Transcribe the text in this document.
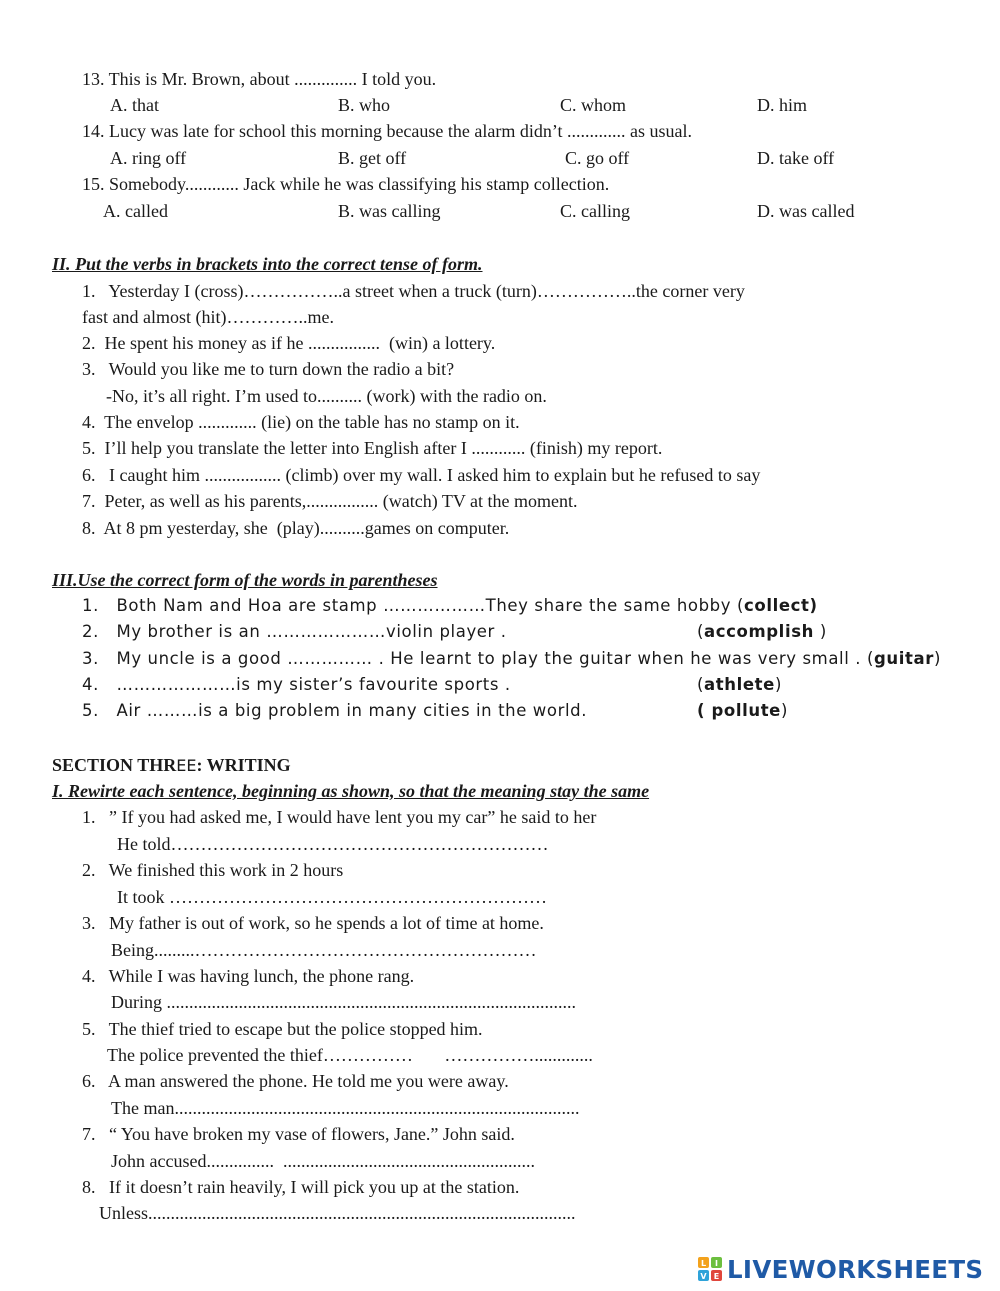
13. This is Mr. Brown, about .............. I told you.
A. that	B. who	C. whom	D. him
14. Lucy was late for school this morning because the alarm didn’t ............. as usual.
A. ring off	B. get off	C. go off	D. take off
15. Somebody............ Jack while he was classifying his stamp collection.
A. called	B. was calling	C. calling	D. was called
II. Put the verbs in brackets into the correct tense of form.
1.   Yesterday I (cross)……………..a street when a truck (turn)……………..the corner very
fast and almost (hit)…………..me.
2.  He spent his money as if he ................  (win) a lottery.
3.   Would you like me to turn down the radio a bit?
-No, it’s all right. I’m used to.......... (work) with the radio on.
4.  The envelop ............. (lie) on the table has no stamp on it.
5.  I’ll help you translate the letter into English after I ............ (finish) my report.
6.   I caught him ................. (climb) over my wall. I asked him to explain but he refused to say
7.  Peter, as well as his parents,................ (watch) TV at the moment.
8.  At 8 pm yesterday, she  (play)..........games on computer.
III.Use the correct form of the words in parentheses
1.   Both Nam and Hoa are stamp ………………They share the same hobby (collect)
2.   My brother is an …………………violin player .	(accomplish )
3.   My uncle is a good …………… . He learnt to play the guitar when he was very small . (guitar)
4.   …………………is my sister’s favourite sports .	(athlete)
5.   Air ………is a big problem in many cities in the world.	( pollute)
SECTION THREE: WRITING
I. Rewirte each sentence, beginning as shown, so that the meaning stay the same
1.   ” If you had asked me, I would have lent you my car” he said to her
He told………………………………………………………
2.   We finished this work in 2 hours
It took ………………………………………………………
3.   My father is out of work, so he spends a lot of time at home.
Being.........…………………………………………………
4.   While I was having lunch, the phone rang.
During ...........................................................................................
5.   The thief tried to escape but the police stopped him.
The police prevented the thief……………       …………….............
6.   A man answered the phone. He told me you were away.
The man..........................................................................................
7.   “ You have broken my vase of flowers, Jane.” John said.
John accused...............  ........................................................
8.   If it doesn’t rain heavily, I will pick you up at the station.
Unless...............................................................................................
L I
V E LIVEWORKSHEETS
